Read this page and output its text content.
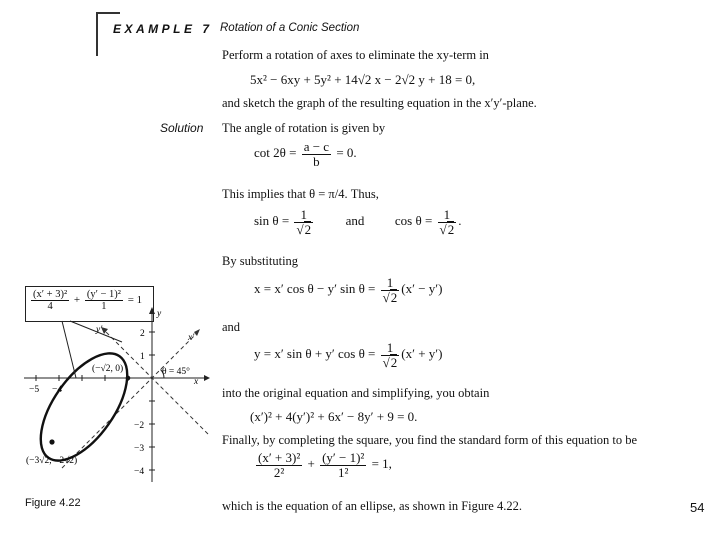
EXAMPLE 7 Rotation of a Conic Section
Perform a rotation of axes to eliminate the xy-term in
5x² − 6xy + 5y² + 14√2 x − 2√2 y + 18 = 0,
and sketch the graph of the resulting equation in the x′y′-plane.
Solution The angle of rotation is given by
$\cot 2\theta = \frac{a - c}{b} = 0$.
This implies that θ = π/4. Thus,
$\sin \theta = \frac{1}{√2}$	and $\cos \theta = \frac{1}{√2}$ .
By substituting
x = x′ cos θ − y′ $\sin \theta = \frac{1}{√2} (x' - y')$
and
y = x′ sin θ + y′ $\cos \theta = \frac{1}{√2} (x' + y')$
into the original equation and simplifying, you obtain
(x′)² + 4(y′)² + 6x′ − 8y′ + 9 = 0.
Finally, by completing the square, you find the standard form of this equation to be
$\frac{\text{(x′ + 3)²}}{\text{2²}} + \frac{\text{(y′ − 1)²}}{\text{1²}} = 1$,
which is the equation of an ellipse, as shown in Figure 4.22.
y
x
x′
y′
(−√2, 0)	θ = 45°
(−3√2, −2√2)
−5 −4
2
1
−2
−3
−4
$\frac{\text{(x′ + 3)²}}{4} + \frac{\text{(y′ − 1)²}}{1} = 1$
Figure 4.22	54
